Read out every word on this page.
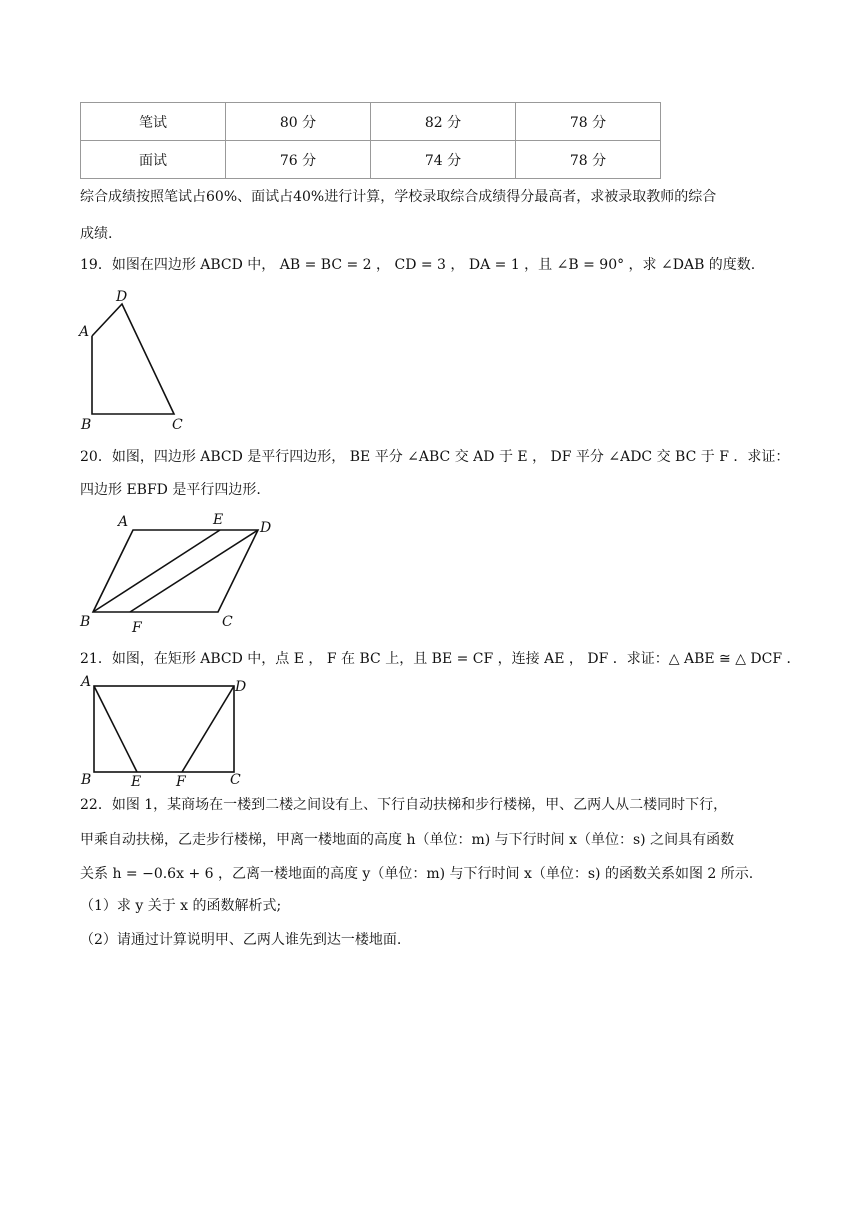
笔试	80 分	82 分	78 分
面试	76 分	74 分	78 分
综合成绩按照笔试占60%、面试占40%进行计算，学校录取综合成绩得分最高者，求被录取教师的综合
成绩.
19．如图在四边形 ABCD 中， AB = BC = 2 ， CD = 3 ， DA = 1 ，且 ∠B = 90° ，求 ∠DAB 的度数.
A
D
B	C
20．如图，四边形 ABCD 是平行四边形， BE 平分 ∠ABC 交 AD 于 E ， DF 平分 ∠ADC 交 BC 于 F ．求证：
四边形 EBFD 是平行四边形.
A	E	D
B	F	C
21．如图，在矩形 ABCD 中，点 E ， F 在 BC 上，且 BE = CF ，连接 AE ， DF ．求证：△ ABE ≅ △ DCF ．
A	D
B	E F	C
22．如图 1，某商场在一楼到二楼之间设有上、下行自动扶梯和步行楼梯，甲、乙两人从二楼同时下行，
甲乘自动扶梯，乙走步行楼梯，甲离一楼地面的高度 h（单位：m) 与下行时间 x（单位：s) 之间具有函数
关系 h = −0.6x + 6 ，乙离一楼地面的高度 y（单位：m) 与下行时间 x（单位：s) 的函数关系如图 2 所示.
（1）求 y 关于 x 的函数解析式;
（2）请通过计算说明甲、乙两人谁先到达一楼地面.
